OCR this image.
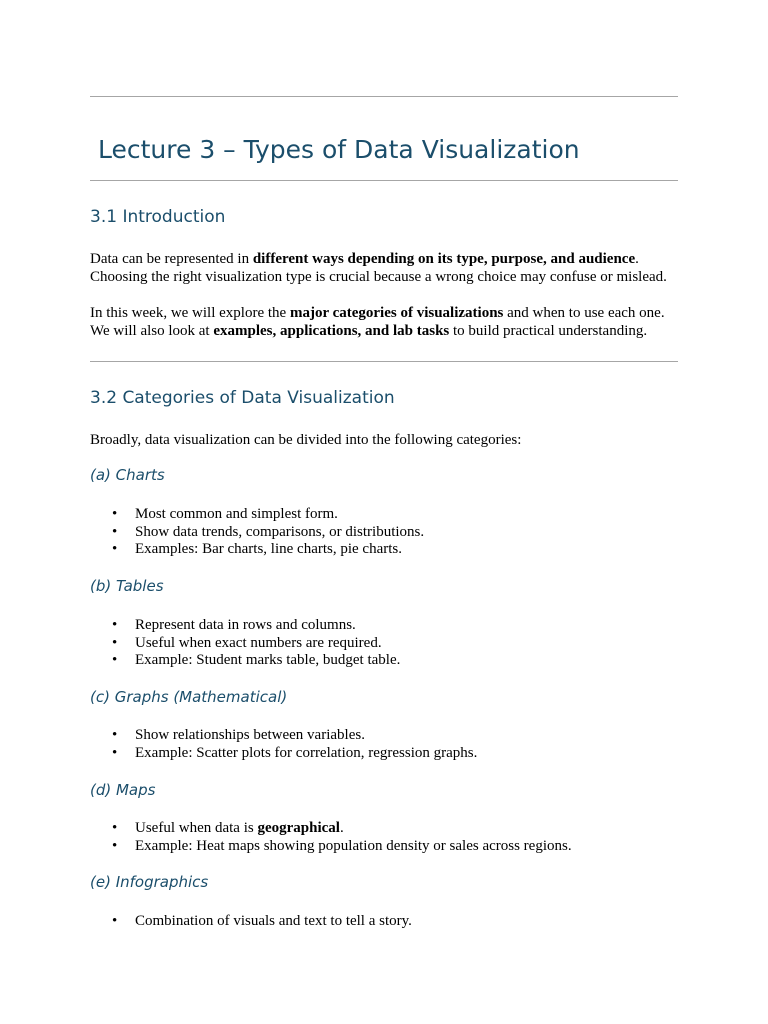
Lecture 3 – Types of Data Visualization
3.1 Introduction

Data can be represented in different ways depending on its type, purpose, and audience.
Choosing the right visualization type is crucial because a wrong choice may confuse or mislead.

In this week, we will explore the major categories of visualizations and when to use each one.
We will also look at examples, applications, and lab tasks to build practical understanding.

3.2 Categories of Data Visualization

Broadly, data visualization can be divided into the following categories:

(a) Charts
• Most common and simplest form.
• Show data trends, comparisons, or distributions.
• Examples: Bar charts, line charts, pie charts.
(b) Tables
• Represent data in rows and columns.
• Useful when exact numbers are required.
• Example: Student marks table, budget table.
(c) Graphs (Mathematical)
• Show relationships between variables.
• Example: Scatter plots for correlation, regression graphs.
(d) Maps
• Useful when data is geographical.
• Example: Heat maps showing population density or sales across regions.
(e) Infographics
• Combination of visuals and text to tell a story.
